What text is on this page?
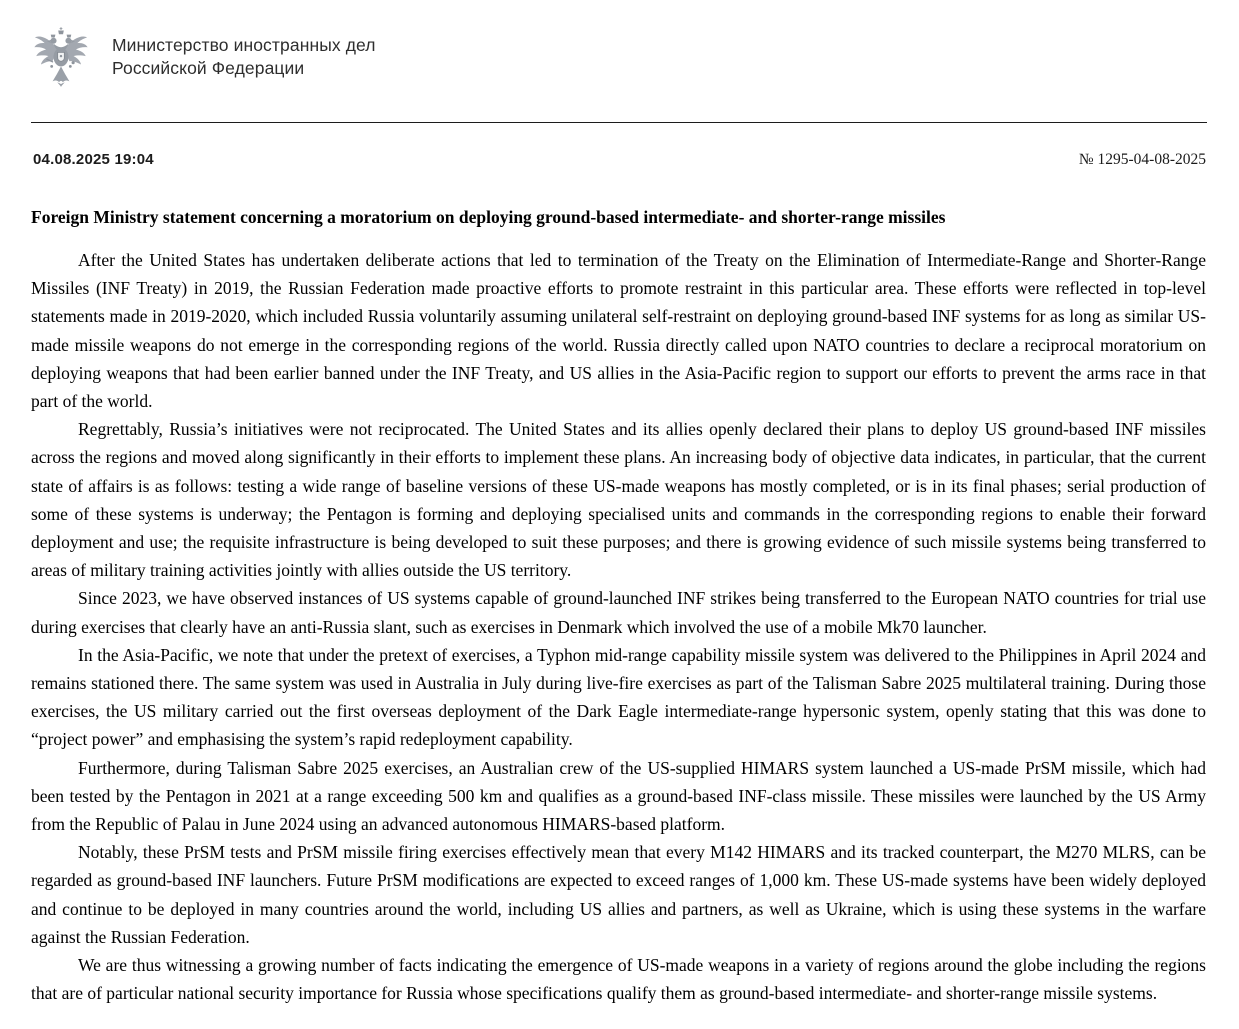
Министерство иностранных дел
Российской Федерации
04.08.2025 19:04	№ 1295-04-08-2025
Foreign Ministry statement concerning a moratorium on deploying ground-based intermediate- and shorter-range missiles

After the United States has undertaken deliberate actions that led to termination of the Treaty on the Elimination of Intermediate-Range and Shorter-Range Missiles (INF Treaty) in 2019, the Russian Federation made proactive efforts to promote restraint in this particular area. These efforts were reflected in top-level statements made in 2019-2020, which included Russia voluntarily assuming unilateral self-restraint on deploying ground-based INF systems for as long as similar US-made missile weapons do not emerge in the corresponding regions of the world. Russia directly called upon NATO countries to declare a reciprocal moratorium on deploying weapons that had been earlier banned under the INF Treaty, and US allies in the Asia-Pacific region to support our efforts to prevent the arms race in that part of the world.

Regrettably, Russia’s initiatives were not reciprocated. The United States and its allies openly declared their plans to deploy US ground-based INF missiles across the regions and moved along significantly in their efforts to implement these plans. An increasing body of objective data indicates, in particular, that the current state of affairs is as follows: testing a wide range of baseline versions of these US-made weapons has mostly completed, or is in its final phases; serial production of some of these systems is underway; the Pentagon is forming and deploying specialised units and commands in the corresponding regions to enable their forward deployment and use; the requisite infrastructure is being developed to suit these purposes; and there is growing evidence of such missile systems being transferred to areas of military training activities jointly with allies outside the US territory.

Since 2023, we have observed instances of US systems capable of ground-launched INF strikes being transferred to the European NATO countries for trial use during exercises that clearly have an anti-Russia slant, such as exercises in Denmark which involved the use of a mobile Mk70 launcher.

In the Asia-Pacific, we note that under the pretext of exercises, a Typhon mid-range capability missile system was delivered to the Philippines in April 2024 and remains stationed there. The same system was used in Australia in July during live-fire exercises as part of the Talisman Sabre 2025 multilateral training. During those exercises, the US military carried out the first overseas deployment of the Dark Eagle intermediate-range hypersonic system, openly stating that this was done to “project power” and emphasising the system’s rapid redeployment capability.

Furthermore, during Talisman Sabre 2025 exercises, an Australian crew of the US-supplied HIMARS system launched a US-made PrSM missile, which had been tested by the Pentagon in 2021 at a range exceeding 500 km and qualifies as a ground-based INF-class missile. These missiles were launched by the US Army from the Republic of Palau in June 2024 using an advanced autonomous HIMARS-based platform.

Notably, these PrSM tests and PrSM missile firing exercises effectively mean that every M142 HIMARS and its tracked counterpart, the M270 MLRS, can be regarded as ground-based INF launchers. Future PrSM modifications are expected to exceed ranges of 1,000 km. These US-made systems have been widely deployed and continue to be deployed in many countries around the world, including US allies and partners, as well as Ukraine, which is using these systems in the warfare against the Russian Federation.

We are thus witnessing a growing number of facts indicating the emergence of US-made weapons in a variety of regions around the globe including the regions that are of particular national security importance for Russia whose specifications qualify them as ground-based intermediate- and shorter-range missile systems.
